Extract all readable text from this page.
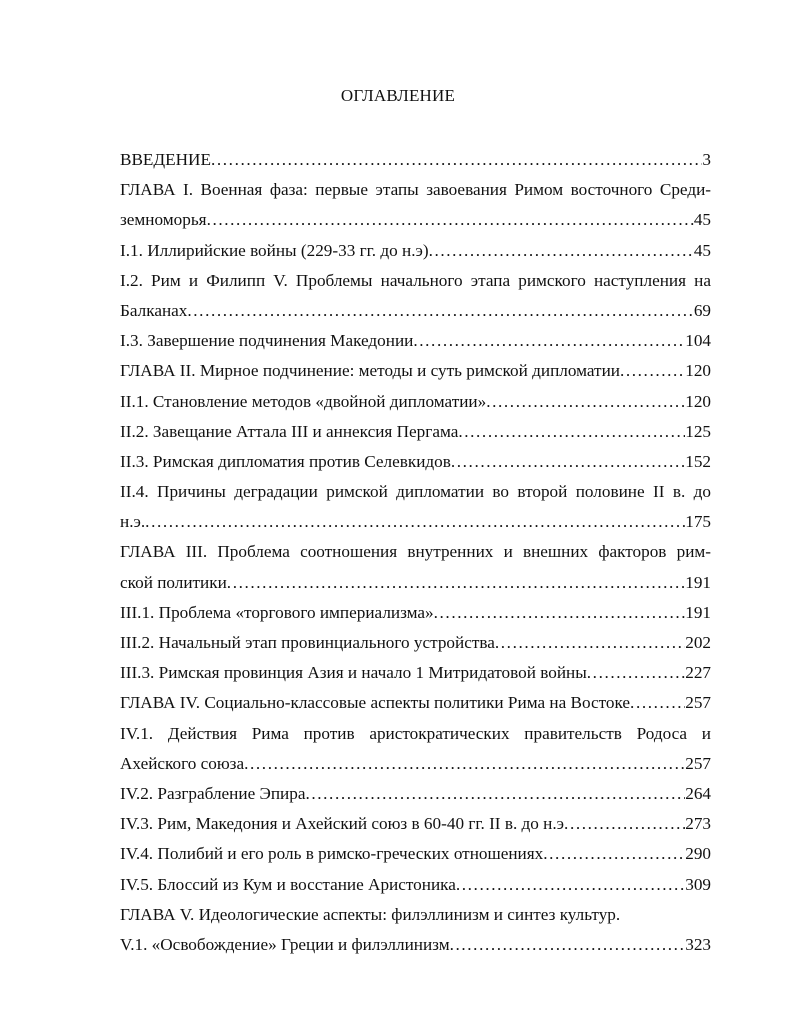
ОГЛАВЛЕНИЕ
ВВЕДЕНИЕ .....	3
ГЛАВА I. Военная фаза: первые этапы завоевания Римом восточного Среди-
земноморья .....	45
I.1. Иллирийские войны (229-33 гг. до н.э) .....	45
I.2. Рим и Филипп V. Проблемы начального этапа римского наступления на
Балканах .....	69
I.3. Завершение подчинения Македонии .....	104
ГЛАВА II. Мирное подчинение: методы и суть римской дипломатии .....	120
II.1. Становление методов «двойной дипломатии» .....	120
II.2. Завещание Аттала III и аннексия Пергама .....	125
II.3. Римская дипломатия против Селевкидов .....	152
II.4. Причины деградации римской дипломатии во второй половине II в. до
н.э. .....	175
ГЛАВА III. Проблема соотношения внутренних и внешних факторов рим-
ской политики .....	191
III.1. Проблема «торгового империализма» .....	191
III.2. Начальный этап провинциального устройства .....	202
III.3. Римская провинция Азия и начало 1 Митридатовой войны .....	227
ГЛАВА IV. Социально-классовые аспекты политики Рима на Востоке .....	257
IV.1. Действия Рима против аристократических правительств Родоса и
Ахейского союза .....	257
IV.2. Разграбление Эпира .....	264
IV.3. Рим, Македония и Ахейский союз в 60-40 гг. II в. до н.э .....	273
IV.4. Полибий и его роль в римско-греческих отношениях .....	290
IV.5. Блоссий из Кум и восстание Аристоника .....	309
ГЛАВА V. Идеологические аспекты: филэллинизм и синтез культур.
V.1. «Освобождение» Греции и филэллинизм .....	323
